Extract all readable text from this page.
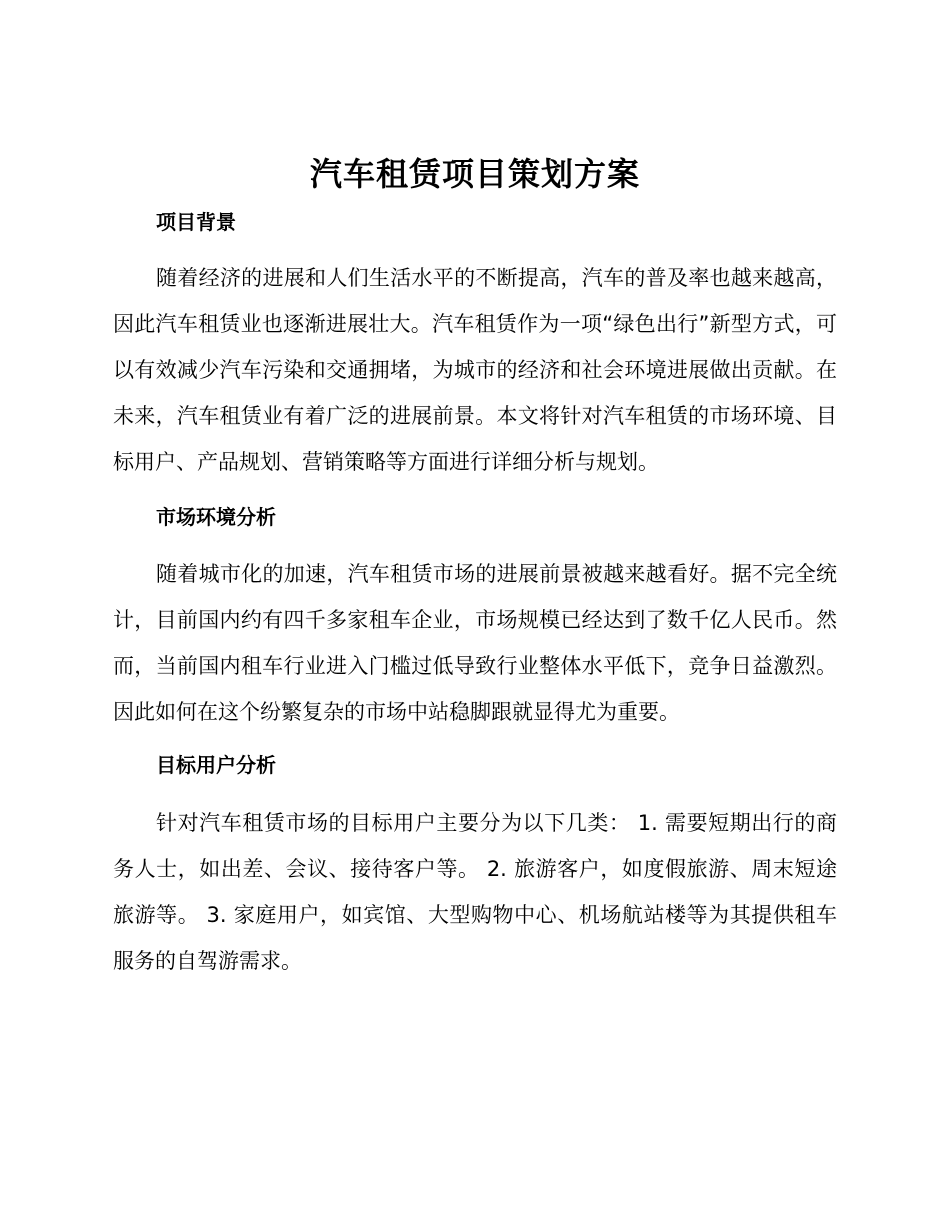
汽车租赁项目策划方案
项目背景
随着经济的进展和人们生活水平的不断提高，汽车的普及率也越来越高，因此汽车租赁业也逐渐进展壮大。汽车租赁作为一项“绿色出行”新型方式，可以有效减少汽车污染和交通拥堵，为城市的经济和社会环境进展做出贡献。在未来，汽车租赁业有着广泛的进展前景。本文将针对汽车租赁的市场环境、目标用户、产品规划、营销策略等方面进行详细分析与规划。
市场环境分析
随着城市化的加速，汽车租赁市场的进展前景被越来越看好。据不完全统计，目前国内约有四千多家租车企业，市场规模已经达到了数千亿人民币。然而，当前国内租车行业进入门槛过低导致行业整体水平低下，竞争日益激烈。因此如何在这个纷繁复杂的市场中站稳脚跟就显得尤为重要。
目标用户分析
针对汽车租赁市场的目标用户主要分为以下几类： 1. 需要短期出行的商务人士，如出差、会议、接待客户等。 2. 旅游客户，如度假旅游、周末短途旅游等。 3. 家庭用户，如宾馆、大型购物中心、机场航站楼等为其提供租车服务的自驾游需求。
